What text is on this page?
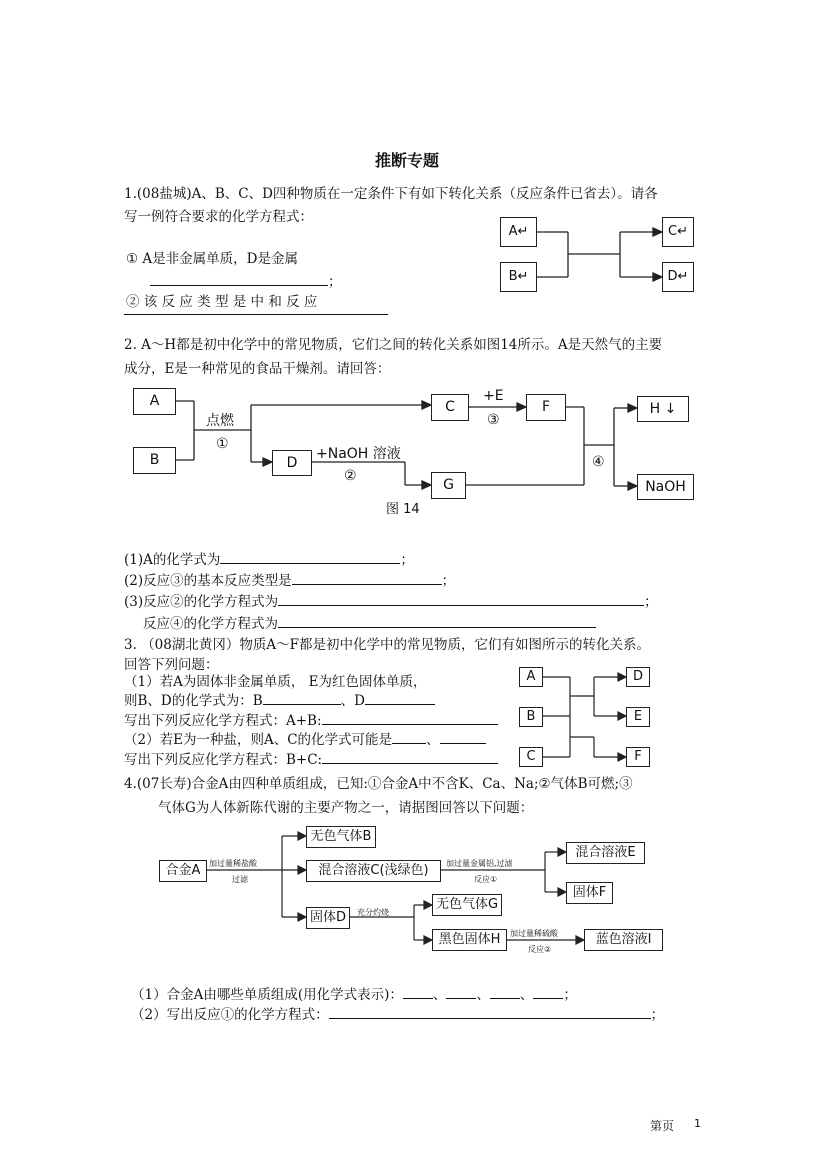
推断专题
1.(08盐城)A、B、C、D四种物质在一定条件下有如下转化关系（反应条件已省去）。请各
写一例符合要求的化学方程式：
① A是非金属单质，D是金属
；
② 该 反 应 类 型 是 中 和 反 应
A↵
B↵
C↵
D↵
2. A～H都是初中化学中的常见物质，它们之间的转化关系如图14所示。A是天然气的主要
成分，E是一种常见的食品干燥剂。请回答：
A
B
C
D
F
G
H ↓
NaOH
点燃
①
+E
③
+NaOH 溶液
②
④
图 14
(1)A的化学式为	；
(2)反应③的基本反应类型是	；
(3)反应②的化学方程式为	；
反应④的化学方程式为
3. （08湖北黄冈）物质A～F都是初中化学中的常见物质，它们有如图所示的转化关系。
回答下列问题：
（1）若A为固体非金属单质， E为红色固体单质，
则B、D的化学式为：B	、D
写出下列反应化学方程式：A+B:
（2）若E为一种盐，则A、C的化学式可能是	、
写出下列反应化学方程式：B+C:
A
B
C
D
E
F
4.(07长寿)合金A由四种单质组成，已知:①合金A中不含K、Ca、Na;②气体B可燃;③
气体G为人体新陈代谢的主要产物之一，请据图回答以下问题：
合金A
无色气体B
混合溶液C(浅绿色)
固体D
混合溶液E
固体F
无色气体G
黑色固体H	蓝色溶液I
加过量稀盐酸
过滤
加过量金属铝,过滤
反应①
充分灼烧
加过量稀硫酸
反应②
（1）合金A由哪些单质组成(用化学式表示)： 、 、 、 ；
（2）写出反应①的化学方程式：	；
第页 1
